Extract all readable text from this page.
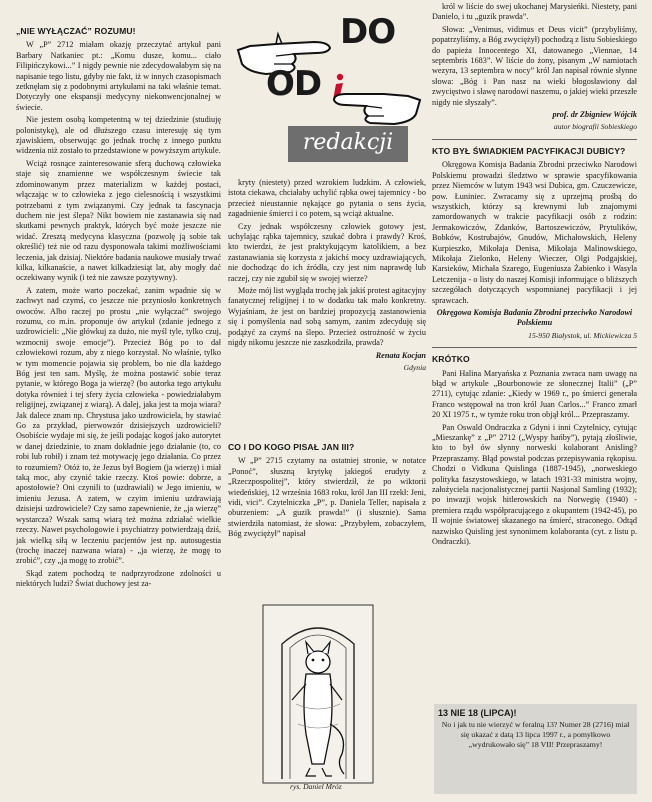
„NIE WYŁĄCZAĆ” ROZUMU!

W „P” 2712 miałam okazję przeczytać artykuł pani Barbary Natkaniec pt.: „Komu dusze, komu... ciało Filipińczykowi...” I nigdy pewnie nie zdecydowałabym się na napisanie tego listu, gdyby nie fakt, iż w innych czasopismach zetknęłam się z podobnymi artykułami na taki właśnie temat. Dotyczyły one ekspansji medycyny niekonwencjonalnej w świecie.

Nie jestem osobą kompetentną w tej dziedzinie (studiuję polonistykę), ale od dłuższego czasu interesuję się tym zjawiskiem, obserwując go jednak trochę z innego punktu widzenia niż zostało to przedstawione w powyższym artykule.

Wciąż rosnące zainteresowanie sferą duchową człowieka staje się znamienne we współczesnym świecie tak zdominowanym przez materializm w każdej postaci, włączając w to człowieka z jego cielesnością i wszystkimi potrzebami z tym związanymi. Czy jednak ta fascynacja duchem nie jest ślepa? Nikt bowiem nie zastanawia się nad skutkami pewnych praktyk, których być może jeszcze nie widać. Zresztą medycyna klasyczna (pozwolę ją sobie tak określić) też nie od razu dysponowała takimi możliwościami leczenia, jak dzisiaj. Niektóre badania naukowe musiały trwać kilka, kilkanaście, a nawet kilkadziesiąt lat, aby mogły dać oczekiwany wynik (i też nie zawsze pozytywny).

A zatem, może warto poczekać, zanim wpadnie się w zachwyt nad czymś, co jeszcze nie przyniosło konkretnych owoców. Albo raczej po prostu „nie wyłączać” swojego rozumu, co m.in. proponuje ów artykuł (zdanie jednego z uzdrowicieli: „Nie główkuj za dużo, nie myśl tyle, tylko czuj, wzmocnij swoje emocje”). Przecież Bóg po to dał człowiekowi rozum, aby z niego korzystał. No właśnie, tylko w tym momencie pojawia się problem, bo nie dla każdego Bóg jest ten sam. Myślę, że można postawić sobie teraz pytanie, w którego Boga ja wierzę? (bo autorka tego artykułu dotyka również i tej sfery życia człowieka - powiedziałabym religijnej, związanej z wiarą). A dalej, jaka jest ta moja wiara? Jak dalece znam np. Chrystusa jako uzdrowiciela, by stawiać Go za przykład, pierwowzór dzisiejszych uzdrowicieli? Osobiście wydaje mi się, że jeśli podając kogoś jako autorytet w danej dziedzinie, to znam dokładnie jego działanie (to, co robi lub robił) i znam też motywację jego działania. Co przez to rozumiem? Otóż to, że Jezus był Bogiem (ja wierzę) i miał taką moc, aby czynić takie rzeczy. Ktoś powie: dobrze, a apostołowie? Oni czynili to (uzdrawiali) w Jego imieniu, w imieniu Jezusa. A zatem, w czyim imieniu uzdrawiają dzisiejsi uzdrowiciele? Czy samo zapewnienie, że „ja wierzę” wystarcza? Wszak samą wiarą też można zdziałać wielkie rzeczy. Nawet psychologowie i psychiatrzy potwierdzają dziś, jak wielką siłą w leczeniu pacjentów jest np. autosugestia (trochę inaczej nazwana wiara) - „ja wierzę, że mogę to zrobić”, czy „ja mogę to zrobić”.

Skąd zatem pochodzą te nadprzyrodzone zdolności u niektórych ludzi? Świat duchowy jest za-

DO
OD	i
redakcji

kryty (niestety) przed wzrokiem ludzkim. A człowiek, istota ciekawa, chciałaby uchylić rąbka owej tajemnicy - bo przecież nieustannie nękające go pytania o sens życia, zagadnienie śmierci i co potem, są wciąż aktualne.

Czy jednak współczesny człowiek gotowy jest, uchylając rąbka tajemnicy, szukać dobra i prawdy? Kroś, kto twierdzi, że jest praktykującym katolikiem, a bez zastanawiania się korzysta z jakichś mocy uzdrawiających, nie dochodząc do ich źródła, czy jest nim naprawdę lub raczej, czy nie zgubił się w swojej wierze?

Może mój list wygląda trochę jak jakiś protest agitacyjny fanatycznej religijnej i to w dodatku tak mało konkretny. Wyjaśniam, że jest on bardziej propozycją zastanowienia się i pomyślenia nad sobą samym, zanim zdecyduję się podążyć za czymś na ślepo. Przecież ostrożność w życiu nigdy nikomu jeszcze nie zaszkodziła, prawda?

Renata Kocjan

Gdynia

CO I DO KOGO PISAŁ JAN III?

W „P” 2715 czytamy na ostatniej stronie, w notatce „Ponoć”, słuszną krytykę jakiegoś erudyty z „Rzeczpospolitej”, który stwierdził, że po wiktorii wiedeńskiej, 12 września 1683 roku, król Jan III rzekł: Jeni, vidi, vici”. Czytelniczka „P”, p. Daniela Teller, napisała z oburzeniem: „A guzik prawda!” (i słusznie). Sama stwierdziła natomiast, że słowa: „Przybyłem, zobaczyłem, Bóg zwyciężył” napisał

rys. Daniel Mróz

król w liście do swej ukochanej Marysieńki. Niestety, pani Danielo, i tu „guzik prawda”.

Słowa: „Venimus, vidimus et Deus vicit” (przybyliśmy, popatrzyliśmy, a Bóg zwyciężył) pochodzą z listu Sobieskiego do papieża Innocentego XI, datowanego „Viennae, 14 septembris 1683”. W liście do żony, pisanym „W namiotach wezyra, 13 septembra w nocy” król Jan napisał równie słynne słowa: „Bóg i Pan nasz na wieki błogosławiony dał zwycięstwo i sławę narodowi naszemu, o jakiej wieki przeszłe nigdy nie słyszały”.

prof. dr Zbigniew Wójcik

autor biografii Sobieskiego

KTO BYŁ ŚWIADKIEM PACYFIKACJI DUBICY?

Okręgowa Komisja Badania Zbrodni przeciwko Narodowi Polskiemu prowadzi śledztwo w sprawie spacyfikowania przez Niemców w lutym 1943 wsi Dubica, gm. Czuczewicze, pow. Łuniniec. Zwracamy się z uprzejmą prośbą do wszystkich, którzy są krewnymi lub znajomymi zamordowanych w trakcie pacyfikacji osób z rodzin: Jermakowiczów, Zdanków, Bartoszewiczów, Prytulików, Bobków, Kostrubajów, Gnudów, Michałowskich, Heleny Kurpieszko, Mikołaja Denisa, Mikołaja Malinowskiego, Mikołaja Zielonko, Heleny Wieczer, Olgi Podgajskiej, Karsieków, Michała Szarego, Eugeniusza Żabienko i Wasyla Letczenija - o listy do naszej Komisji informujące o bliższych szczegółach dotyczących wspomnianej pacyfikacji i jej sprawcach.

Okręgowa Komisja Badania Zbrodni przeciwko Narodowi Polskiemu

15-950 Białystok, ul. Mickiewicza 5

KRÓTKO

Pani Halina Maryańska z Poznania zwraca nam uwagę na błąd w artykule „Bourbonowie ze słonecznej Italii” („P” 2711), cytując zdanie: „Kiedy w 1969 r., po śmierci generała Franco wstępował na tron król Juan Carlos...” Franco zmarł 20 XI 1975 r., w tymże roku tron objął król... Przepraszamy.

Pan Oswald Ondraczka z Gdyni i inni Czytelnicy, cytując „Mieszankę” z „P” 2712 („Wyspy hańby”), pytają złośliwie, kto to był ów słynny norweski kolaborant Anisling? Przepraszamy. Błąd powstał podczas przepisywania rękopisu. Chodzi o Vidkuna Quislinga (1887-1945), „norweskiego polityka faszystowskiego, w latach 1931-33 ministra wojny, założyciela nacjonalistycznej partii Nasjonal Samling (1932); po inwazji wojsk hitlerowskich na Norwegię (1940) - premiera rządu współpracującego z okupantem (1942-45), po II wojnie światowej skazanego na śmierć, straconego. Odtąd nazwisko Quisling jest synonimem kolaboranta (cyt. z listu p. Ondraczki).

13 NIE 18 (LIPCA)!
No i jak tu nie wierzyć w feralną 13? Numer 28 (2716) miał się ukazać z datą 13 lipca 1997 r., a pomyłkowo „wydrukowało się” 18 VII! Przepraszamy!
